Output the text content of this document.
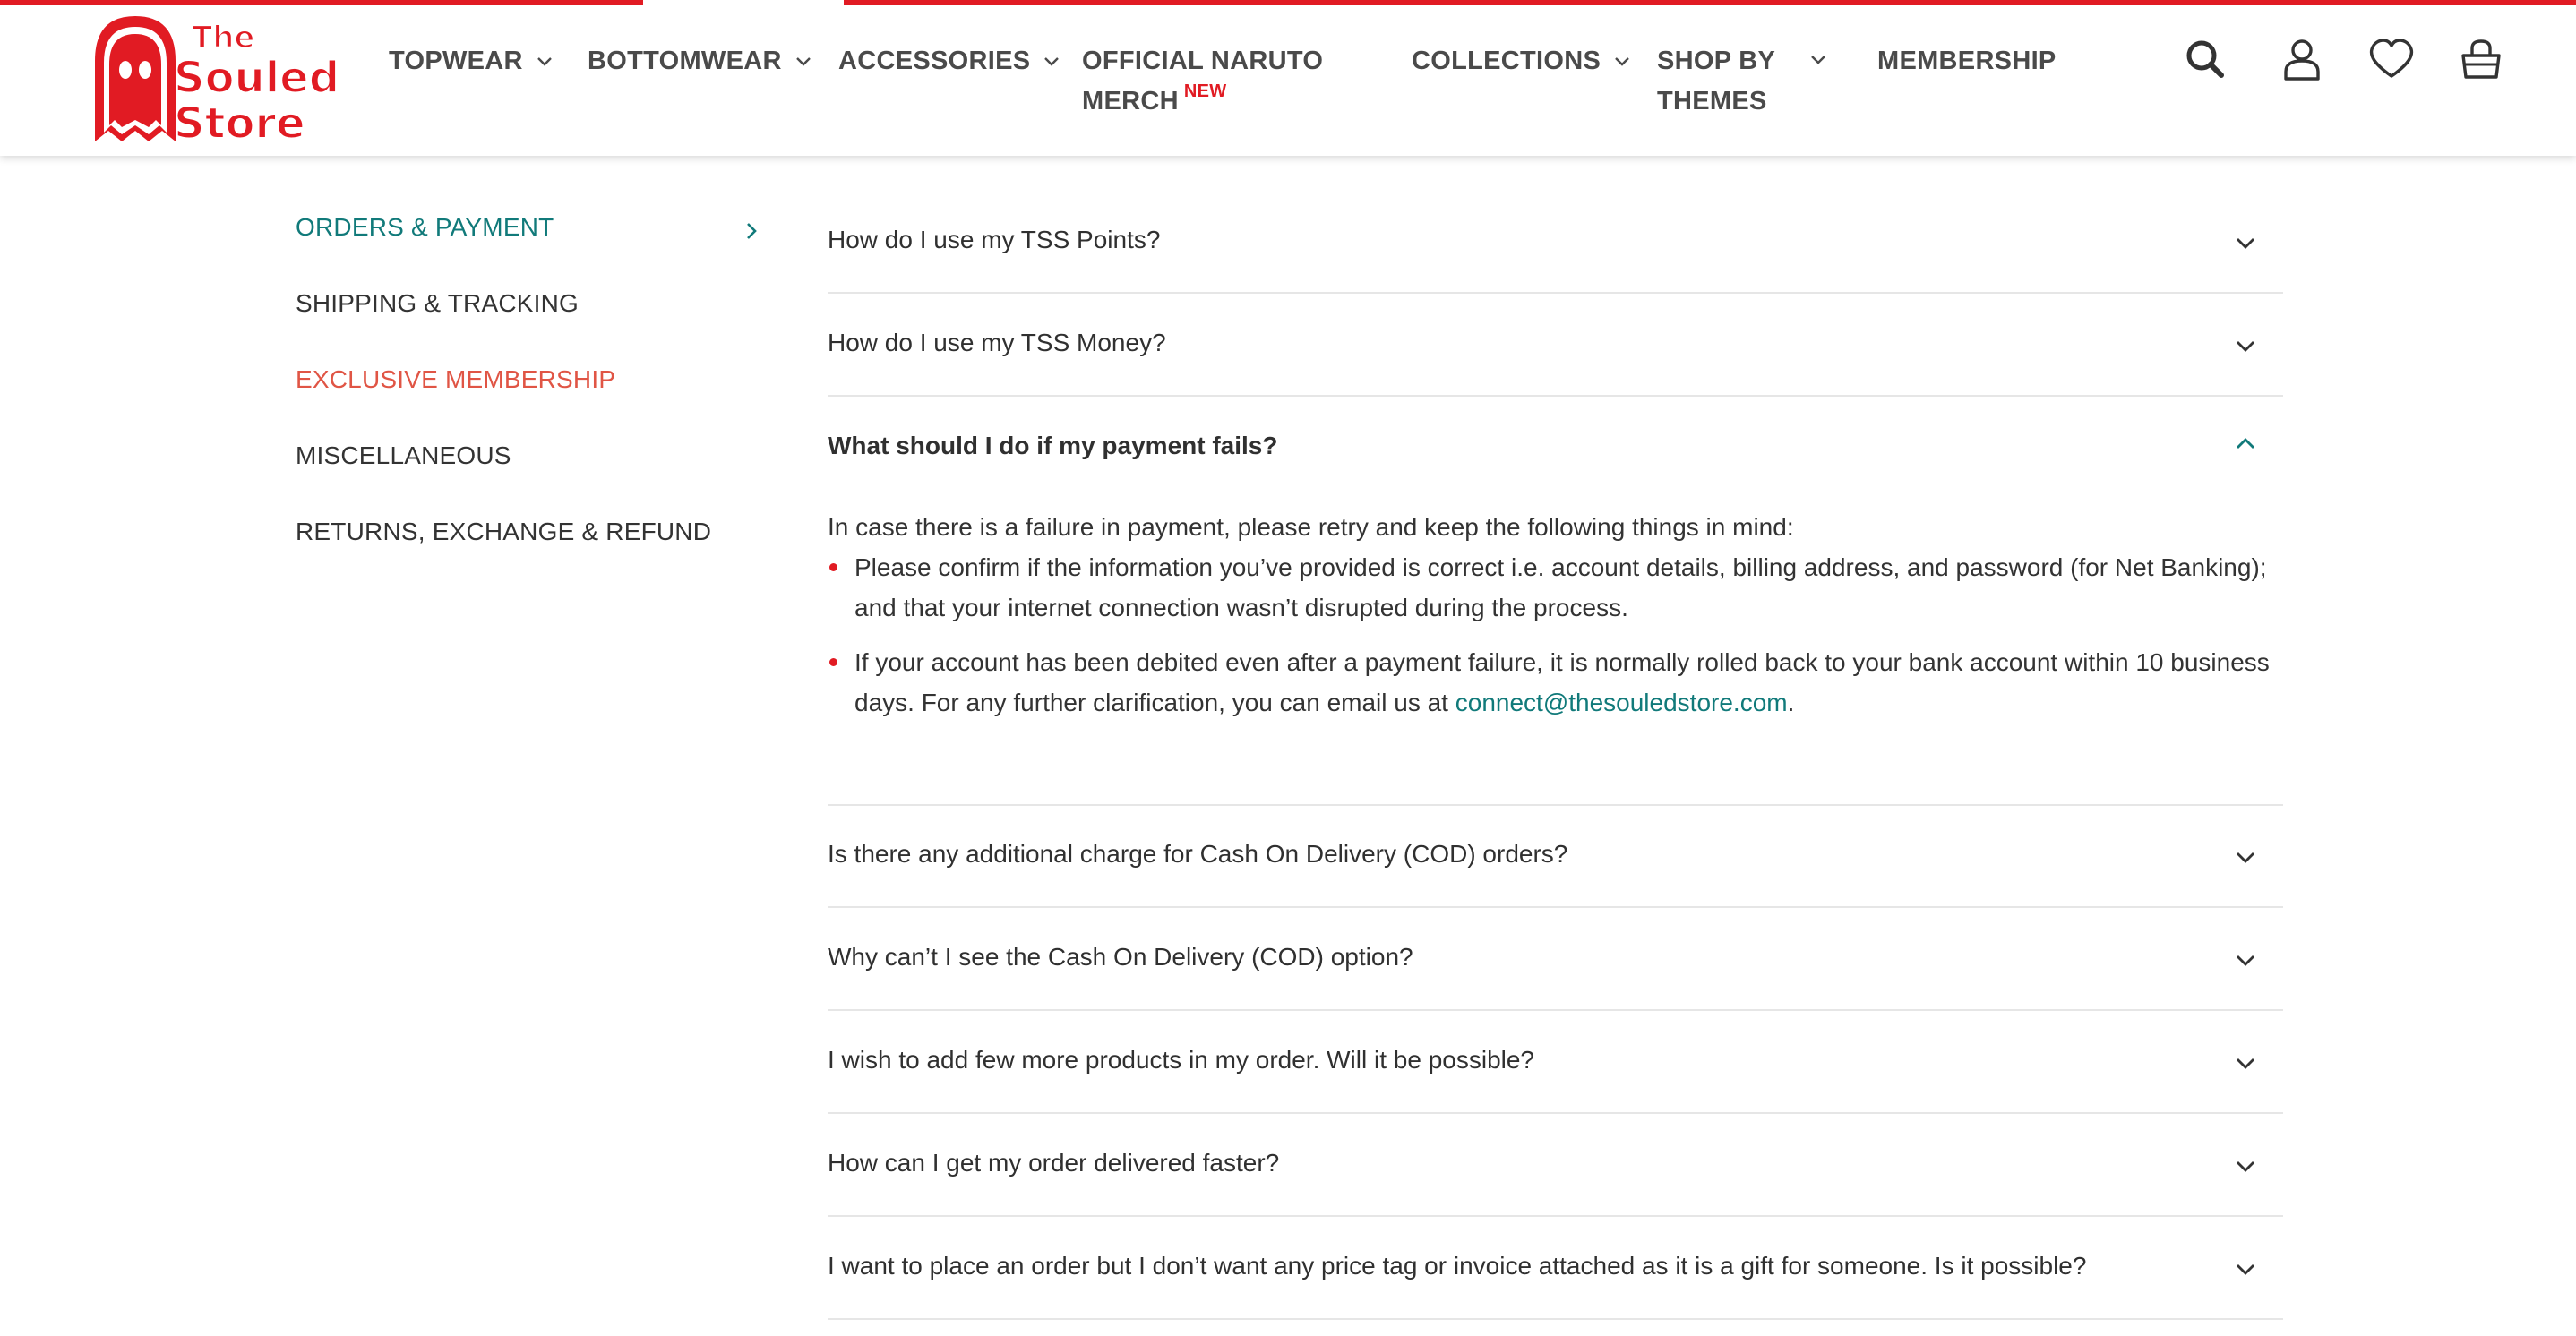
The
Souled
Store
TOPWEAR	BOTTOMWEAR	ACCESSORIES	OFFICIAL NARUTO
MERCH $^{NEW}$
COLLECTIONS	SHOP BY
THEMES
MEMBERSHIP
ORDERS & PAYMENT
SHIPPING & TRACKING
EXCLUSIVE MEMBERSHIP
MISCELLANEOUS
RETURNS, EXCHANGE & REFUND
How do I use my TSS Points?
How do I use my TSS Money?
What should I do if my payment fails?

In case there is a failure in payment, please retry and keep the following things in mind:

Please confirm if the information you’ve provided is correct i.e. account details, billing address, and password (for Net Banking); and that your internet connection wasn’t disrupted during the process.
If your account has been debited even after a payment failure, it is normally rolled back to your bank account within 10 business days. For any further clarification, you can email us at connect@thesouledstore.com.
Is there any additional charge for Cash On Delivery (COD) orders?
Why can’t I see the Cash On Delivery (COD) option?
I wish to add few more products in my order. Will it be possible?
How can I get my order delivered faster?
I want to place an order but I don’t want any price tag or invoice attached as it is a gift for someone. Is it possible?
